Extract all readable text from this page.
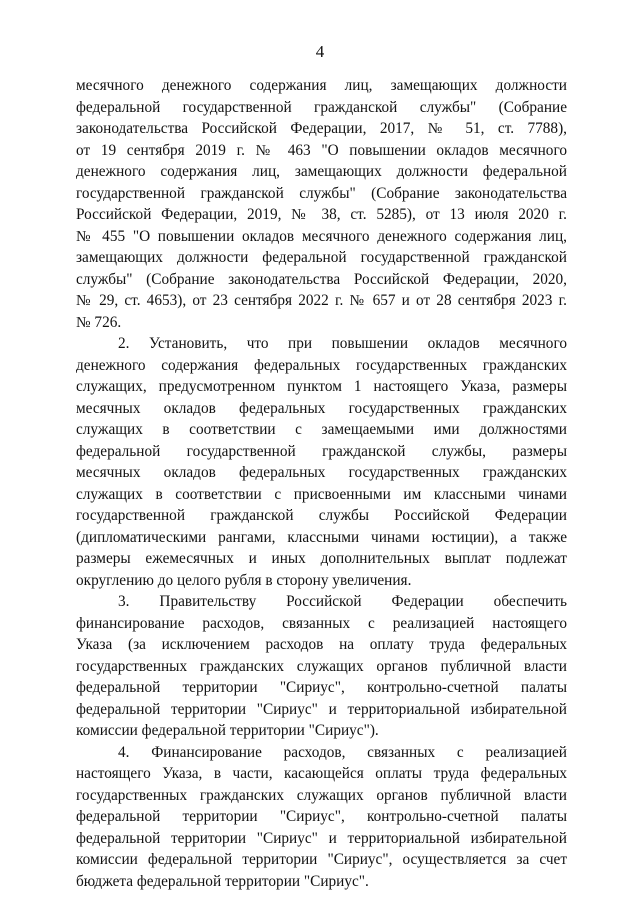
4
месячного денежного содержания лиц, замещающих должности
федеральной государственной гражданской службы" (Собрание
законодательства Российской Федерации, 2017, № 51, ст. 7788),
от 19 сентября 2019 г. № 463 "О повышении окладов месячного
денежного содержания лиц, замещающих должности федеральной
государственной гражданской службы" (Собрание законодательства
Российской Федерации, 2019, № 38, ст. 5285), от 13 июля 2020 г.
№ 455 "О повышении окладов месячного денежного содержания лиц,
замещающих должности федеральной государственной гражданской
службы" (Собрание законодательства Российской Федерации, 2020,
№ 29, ст. 4653), от 23 сентября 2022 г. № 657 и от 28 сентября 2023 г.
№ 726.
2. Установить, что при повышении окладов месячного
денежного содержания федеральных государственных гражданских
служащих, предусмотренном пунктом 1 настоящего Указа, размеры
месячных окладов федеральных государственных гражданских
служащих в соответствии с замещаемыми ими должностями
федеральной государственной гражданской службы, размеры
месячных окладов федеральных государственных гражданских
служащих в соответствии с присвоенными им классными чинами
государственной гражданской службы Российской Федерации
(дипломатическими рангами, классными чинами юстиции), а также
размеры ежемесячных и иных дополнительных выплат подлежат
округлению до целого рубля в сторону увеличения.
3. Правительству Российской Федерации обеспечить
финансирование расходов, связанных с реализацией настоящего
Указа (за исключением расходов на оплату труда федеральных
государственных гражданских служащих органов публичной власти
федеральной территории "Сириус", контрольно-счетной палаты
федеральной территории "Сириус" и территориальной избирательной
комиссии федеральной территории "Сириус").
4. Финансирование расходов, связанных с реализацией
настоящего Указа, в части, касающейся оплаты труда федеральных
государственных гражданских служащих органов публичной власти
федеральной территории "Сириус", контрольно-счетной палаты
федеральной территории "Сириус" и территориальной избирательной
комиссии федеральной территории "Сириус", осуществляется за счет
бюджета федеральной территории "Сириус".
